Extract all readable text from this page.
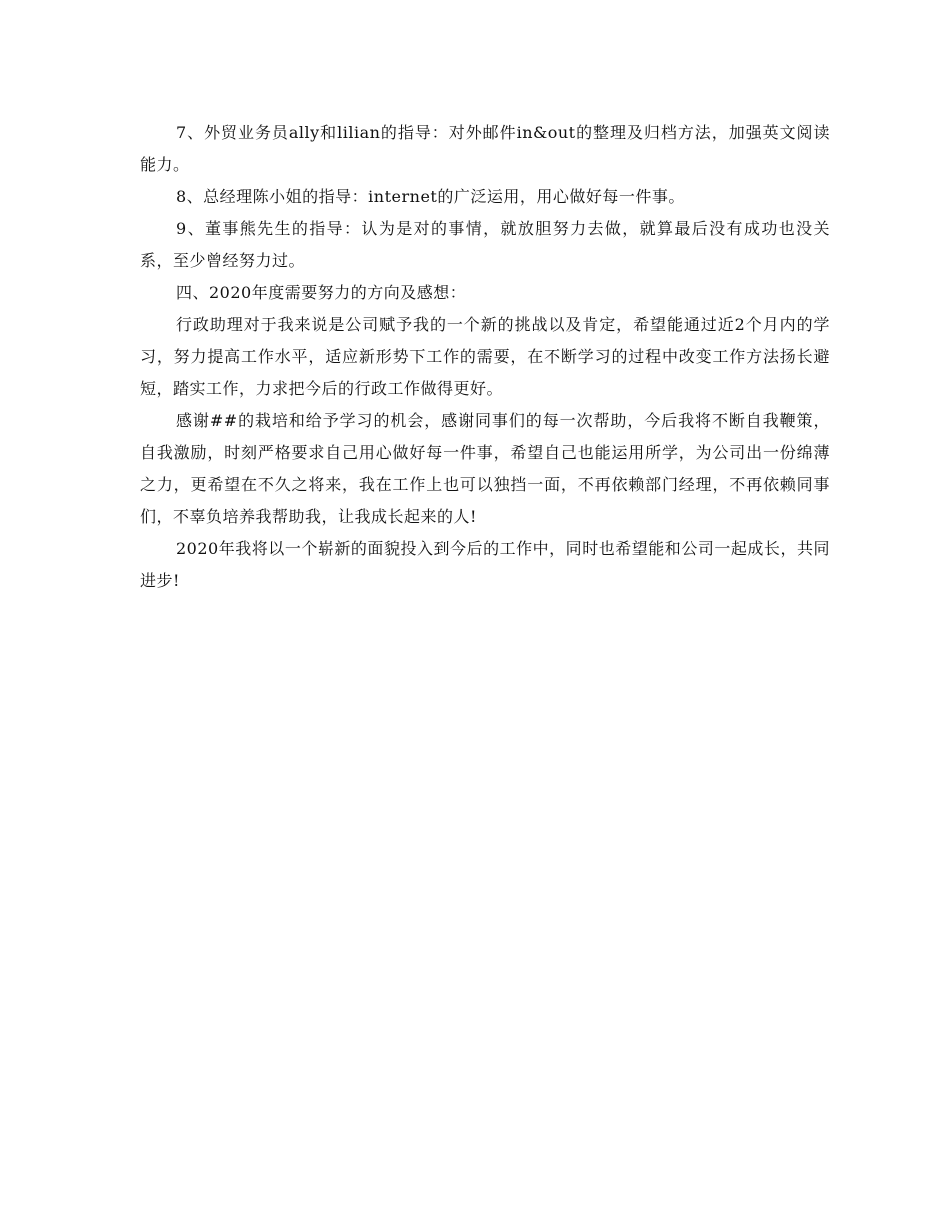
7、外贸业务员ally和lilian的指导：对外邮件in&out的整理及归档方法，加强英文阅读能力。

8、总经理陈小姐的指导：internet的广泛运用，用心做好每一件事。

9、董事熊先生的指导：认为是对的事情，就放胆努力去做，就算最后没有成功也没关系，至少曾经努力过。

四、2020年度需要努力的方向及感想：

行政助理对于我来说是公司赋予我的一个新的挑战以及肯定，希望能通过近2个月内的学习，努力提高工作水平，适应新形势下工作的需要，在不断学习的过程中改变工作方法扬长避短，踏实工作，力求把今后的行政工作做得更好。

感谢##的栽培和给予学习的机会，感谢同事们的每一次帮助，今后我将不断自我鞭策，自我激励，时刻严格要求自己用心做好每一件事，希望自己也能运用所学，为公司出一份绵薄之力，更希望在不久之将来，我在工作上也可以独挡一面，不再依赖部门经理，不再依赖同事们，不辜负培养我帮助我，让我成长起来的人!

2020年我将以一个崭新的面貌投入到今后的工作中，同时也希望能和公司一起成长，共同进步!
